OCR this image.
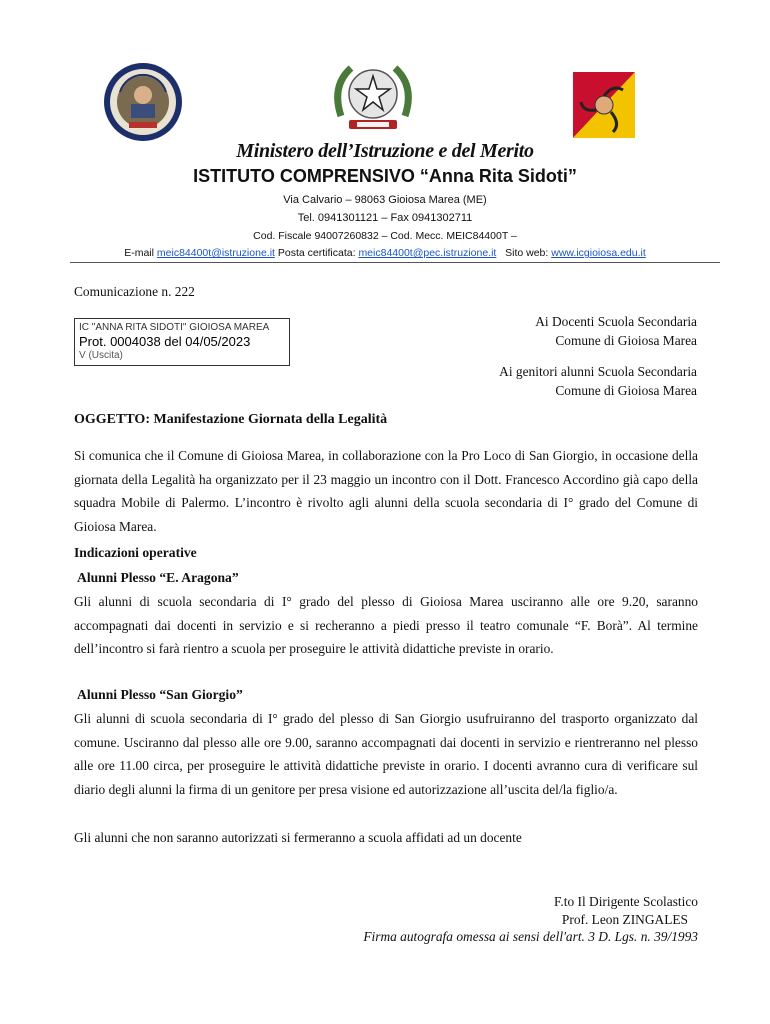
Ministero dell’Istruzione e del Merito
ISTITUTO COMPRENSIVO “Anna Rita Sidoti”
Via Calvario – 98063 Gioiosa Marea (ME)
Tel. 0941301121 – Fax 0941302711
Cod. Fiscale 94007260832 – Cod. Mecc. MEIC84400T –
E-mail meic84400t@istruzione.it Posta certificata: meic84400t@pec.istruzione.it Sito web: www.icgioiosa.edu.it
Comunicazione n. 222
IC "ANNA RITA SIDOTI" GIOIOSA MAREA
Prot. 0004038 del 04/05/2023
V (Uscita)
Ai Docenti Scuola Secondaria
Comune di Gioiosa Marea
Ai genitori alunni Scuola Secondaria
Comune di Gioiosa Marea
OGGETTO: Manifestazione Giornata della Legalità
Si comunica che il Comune di Gioiosa Marea, in collaborazione con la Pro Loco di San Giorgio, in occasione della giornata della Legalità ha organizzato per il 23 maggio un incontro con il Dott. Francesco Accordino già capo della squadra Mobile di Palermo. L’incontro è rivolto agli alunni della scuola secondaria di I° grado del Comune di Gioiosa Marea.
Indicazioni operative
Alunni Plesso “E. Aragona”
Gli alunni di scuola secondaria di I° grado del plesso di Gioiosa Marea usciranno alle ore 9.20, saranno accompagnati dai docenti in servizio e si recheranno a piedi presso il teatro comunale “F. Borà”. Al termine dell’incontro si farà rientro a scuola per proseguire le attività didattiche previste in orario.
Alunni Plesso “San Giorgio”
Gli alunni di scuola secondaria di I° grado del plesso di San Giorgio usufruiranno del trasporto organizzato dal comune. Usciranno dal plesso alle ore 9.00, saranno accompagnati dai docenti in servizio e rientreranno nel plesso alle ore 11.00 circa, per proseguire le attività didattiche previste in orario. I docenti avranno cura di verificare sul diario degli alunni la firma di un genitore per presa visione ed autorizzazione all’uscita del/la figlio/a.
Gli alunni che non saranno autorizzati si fermeranno a scuola affidati ad un docente
F.to Il Dirigente Scolastico
Prof. Leon ZINGALES
Firma autografa omessa ai sensi dell'art. 3 D. Lgs. n. 39/1993
